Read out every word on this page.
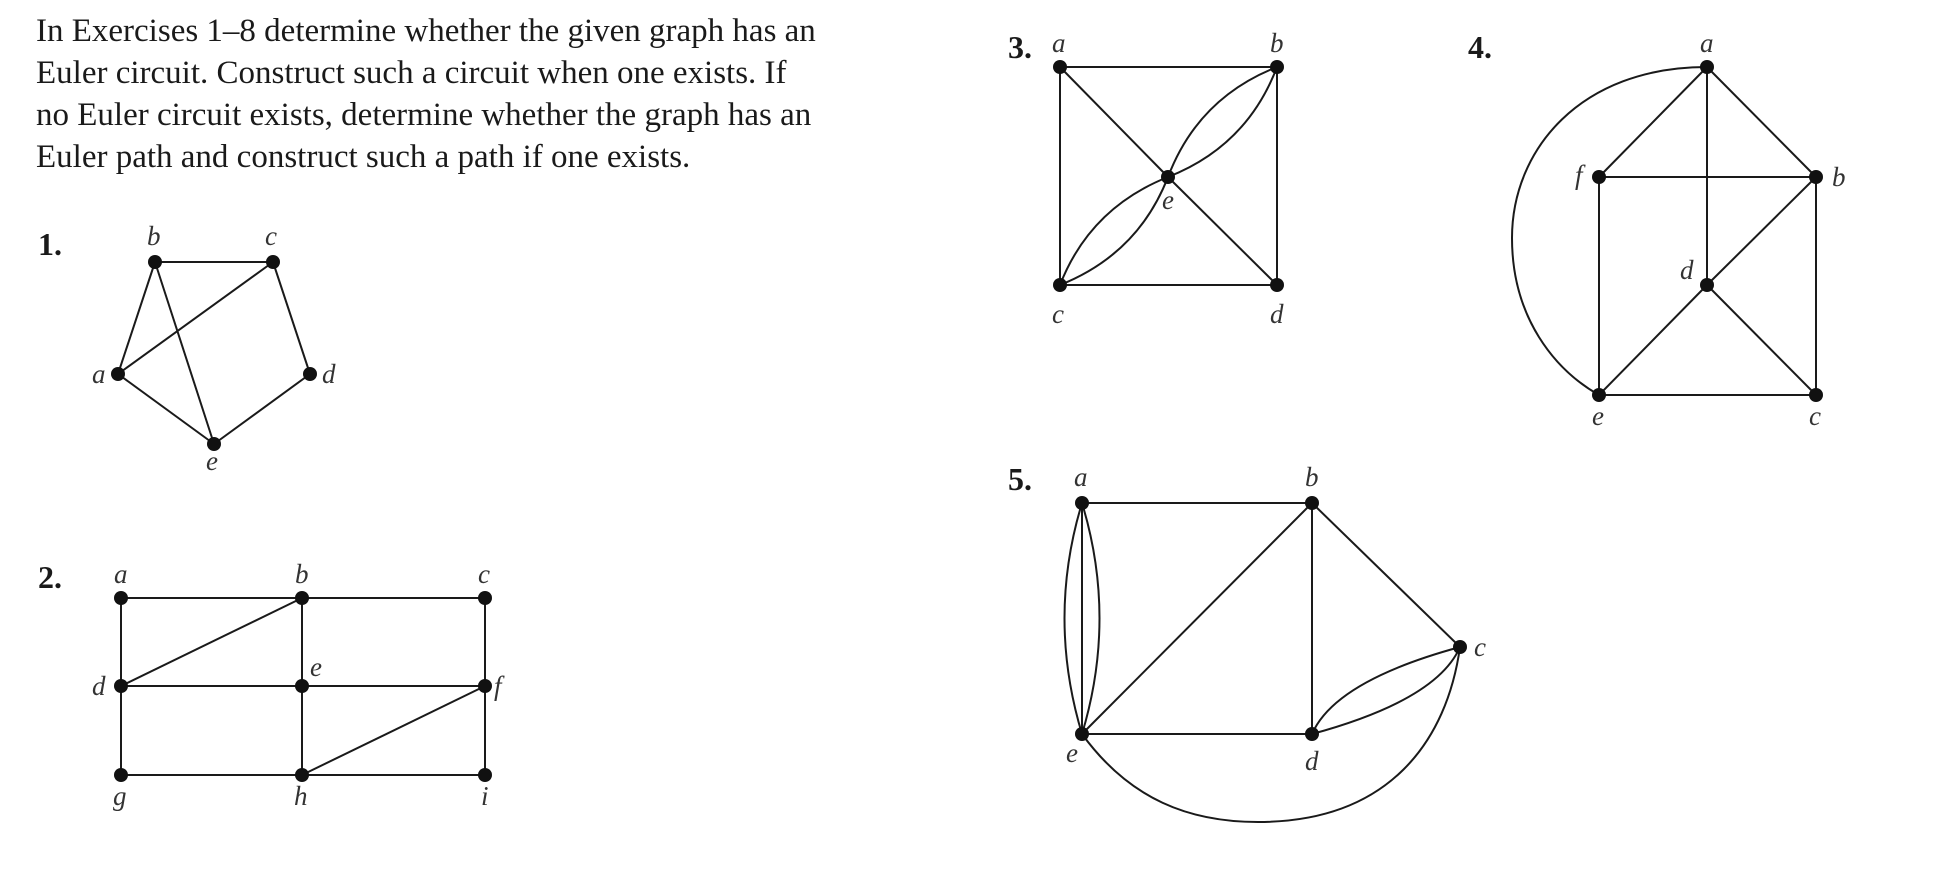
In Exercises 1–8 determine whether the given graph has an
Euler circuit. Construct such a circuit when one exists. If
no Euler circuit exists, determine whether the graph has an
Euler path and construct such a path if one exists.
1.
a
b	c
d
e
2. a	b	c
d
e
f
g	h	i
3. a	b
c	d
e
4.	a
b
c
d
e
f
5. a	b
c
d
e
